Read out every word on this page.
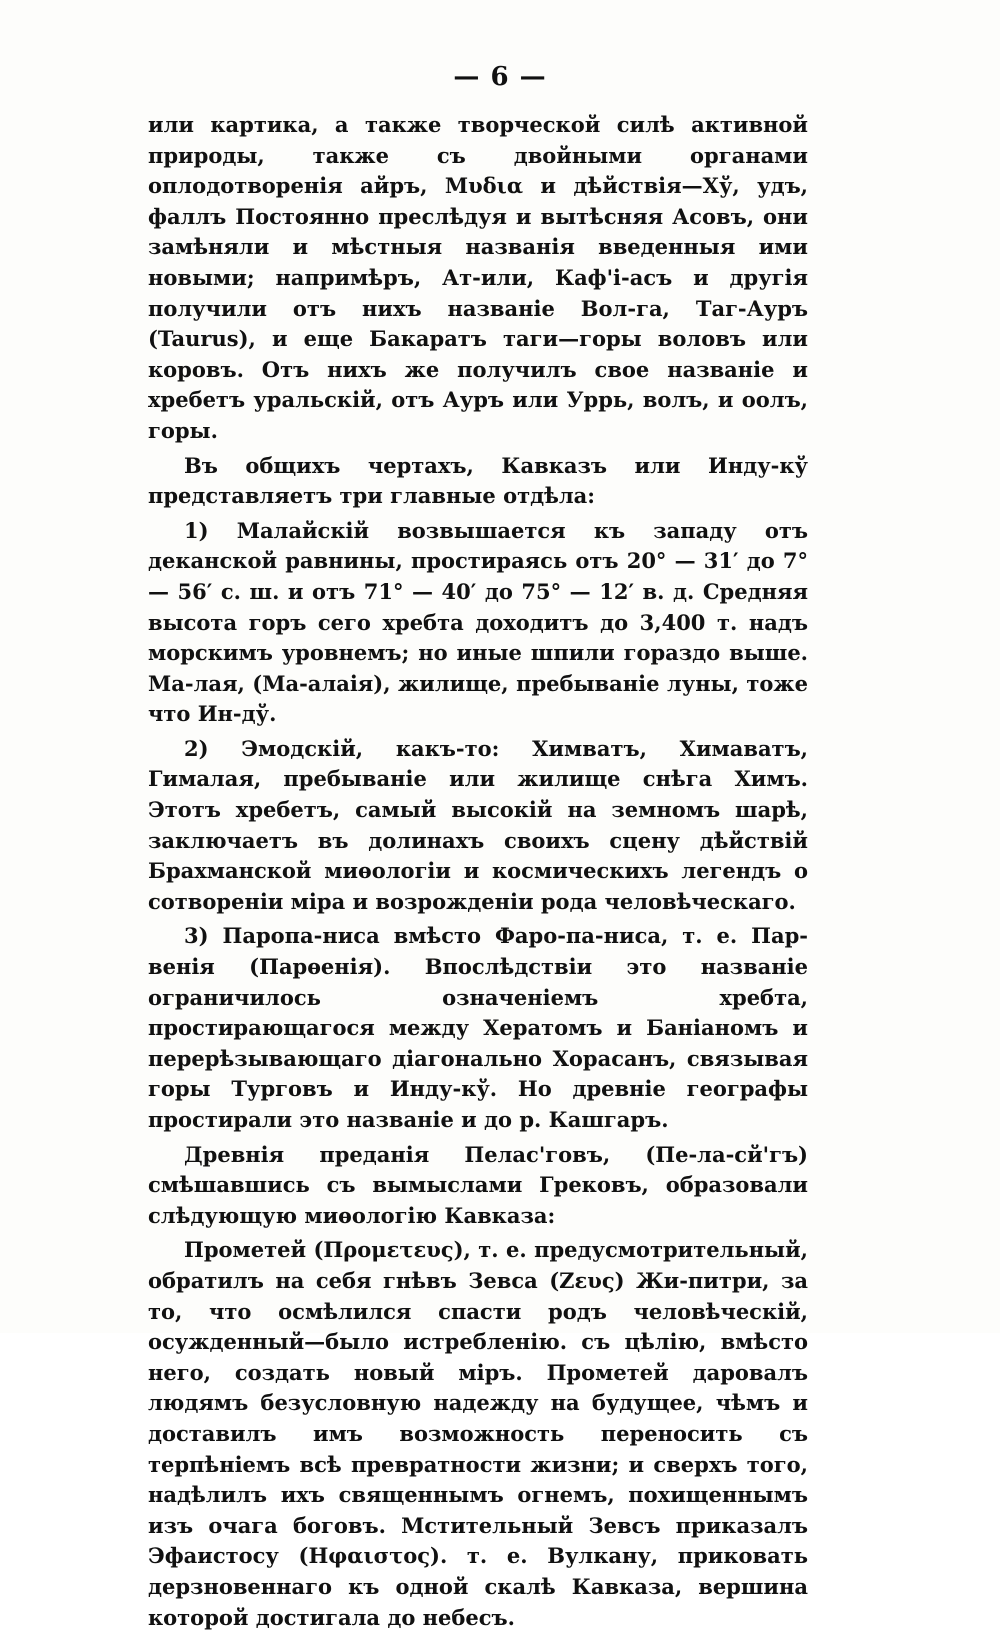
— 6 —

или картика, а также творческой силѣ активной природы, также съ двойными органами оплодотворенія айръ, Mυδια и дѣйствія—Хў, удъ, фаллъ Постоянно преслѣдуя и вытѣсняя Асовъ, они замѣняли и мѣстныя названія введенныя ими новыми; напримѣръ, Ат-или, Каф'i-асъ и другія получили отъ нихъ названіе Вол-га, Таг-Ауръ (Taurus), и еще Бакаратъ таги—горы воловъ или коровъ. Отъ нихъ же получилъ свое названіе и хребетъ уральскій, отъ Ауръ или Уррь, волъ, и оолъ, горы.

Въ общихъ чертахъ, Кавказъ или Инду-кў представляетъ три главные отдѣла:

1) Малайскій возвышается къ западу отъ деканской равнины, простираясь отъ 20° — 31′ до 7° — 56′ с. ш. и отъ 71° — 40′ до 75° — 12′ в. д. Средняя высота горъ сего хребта доходитъ до 3,400 т. надъ морскимъ уровнемъ; но иные шпили гораздо выше. Ма-лая, (Ма-алаія), жилище, пребываніе луны, тоже что Ин-дў.

2) Эмодскій, какъ-то: Химватъ, Химаватъ, Гималая, пребываніе или жилище снѣга Химъ. Этотъ хребетъ, самый высокій на земномъ шарѣ, заключаетъ въ долинахъ своихъ сцену дѣйствій Брахманской миѳологіи и космическихъ легендъ о сотвореніи міра и возрожденіи рода человѣческаго.

3) Паропа-ниса вмѣсто Фаро-па-ниса, т. е. Пар-венія (Парѳенія). Впослѣдствіи это названіе ограничилось означеніемъ хребта, простирающагося между Хератомъ и Баніаномъ и перерѣзывающаго діагонально Хорасанъ, связывая горы Турговъ и Инду-кў. Но древніе географы простирали это названіе и до р. Кашгаръ.

Древнія преданія Пелас'говъ, (Пе-ла-сй'гъ) смѣшавшись съ вымыслами Грековъ, образовали слѣдующую миѳологію Кавказа:

Прометей (Προμετευς), т. е. предусмотрительный, обратилъ на себя гнѣвъ Зевса (Ζευς) Жи-питри, за то, что осмѣлился спасти родъ человѣческій, осужденный—было истребленію. съ цѣлію, вмѣсто него, создать новый міръ. Прометей даровалъ людямъ безусловную надежду на будущее, чѣмъ и доставилъ имъ возможность переносить съ терпѣніемъ всѣ превратности жизни; и сверхъ того, надѣлилъ ихъ священнымъ огнемъ, похищеннымъ изъ очага боговъ. Мстительный Зевсъ приказалъ Эфаистосу (Ηφαιστος). т. е. Вулкану, приковать дерзновеннаго къ одной скалѣ Кавказа, вершина которой достигала до небесъ.
